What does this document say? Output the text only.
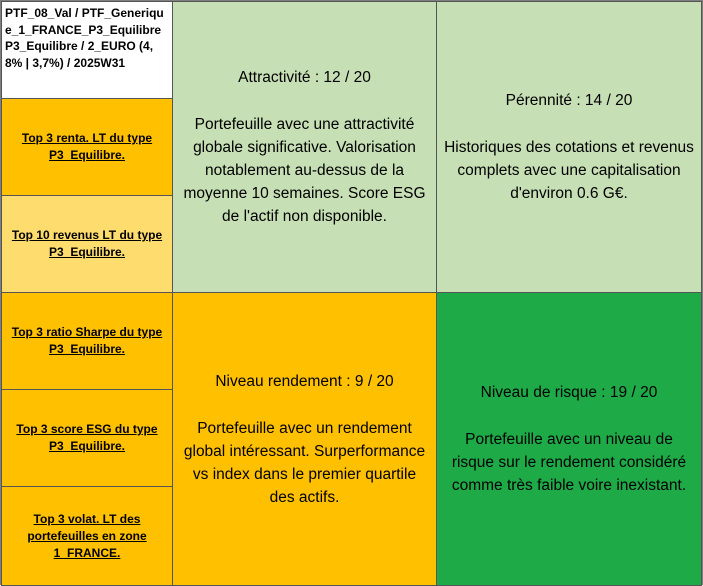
PTF_08_Val / PTF_Generique_1_FRANCE_P3_Equilibre P3_Equilibre / 2_EURO (4,8% | 3,7%) / 2025W31
Top 3 renta. LT du type P3_Equilibre.
Top 10 revenus LT du type P3_Equilibre.
Top 3 ratio Sharpe du type P3_Equilibre.
Top 3 score ESG du type P3_Equilibre.
Top 3 volat. LT des portefeuilles en zone 1_FRANCE.
Attractivité : 12 / 20
Portefeuille avec une attractivité globale significative. Valorisation notablement au-dessus de la moyenne 10 semaines. Score ESG de l'actif non disponible.
Pérennité : 14 / 20
Historiques des cotations et revenus complets avec une capitalisation d'environ 0.6 G€.
Niveau rendement : 9 / 20
Portefeuille avec un rendement global intéressant. Surperformance vs index dans le premier quartile des actifs.
Niveau de risque : 19 / 20
Portefeuille avec un niveau de risque sur le rendement considéré comme très faible voire inexistant.
